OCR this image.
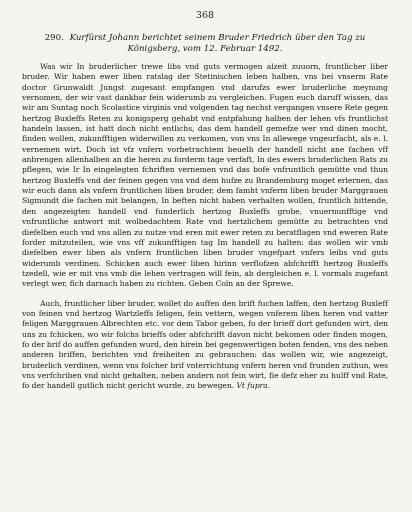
368
290. Kurfürst Johann berichtet seinem Bruder Friedrich über den Tag zu Königsberg, vom 12. Februar 1492.

Was wir In bruderlicher trewe libs vnd guts vermogen alzeit zuuorn, fruntlicher liber bruder. Wir haben ewer liben ratslag der Stetinischen leben halben, vns bei vnserm Rate doctor Grunwaldt Jungst zugesant empfangen vnd darufzs ewer bruderliche meynung vernomen, der wir vast dankbar fein widerumb zu vergleichen. Fugen euch daruff wissen, das wir am Suntag noch Scolastice virginis vnd volgenden tag nechst vergangen vnsere Rete gegen hertzog Buxleffs Reten zu konigsperg gehabt vnd entpfahung halben der lehen vfs fruntlichst handeln lassen, ist hatt doch nicht entlichs, das dem handell gemefze wer vnd dinen mocht, finden wollen, zukunfftigen widerwillen zu verkomen, von vns In allewege vngeurfacht, als e. l. vernemen wirt. Doch ist vfz vnfern vorbetrachtem beuelh der handell nicht ane fachen vff anbrengen allenhalben an die heren zu forderm tage verfaft, In des ewers bruderlichen Rats zu pflegen, wie Ir In eingelegten fchriften vernemen vnd das bofe vnfruntlich gemütte vnd thun hertzog Buxleffs vnd der feinen gegen vns vnd dem hufze zu Brandemburg moget erlernen, das wir euch dann als vnfern fruntlichen liben bruder, dem famht vnferm liben bruder Marggrauen Sigmundt die fachen mit belangen, In beften nicht haben verhalten wollen, fruntlich bittende, den angezeigten handell vnd funderlich hertzog Buxleffs grobe, vnuernunfftige vnd vnfruntliche antwort mit wolbedachtem Rate vnd hertzlichem gemütte zu betrachten vnd diefelben euch vnd vns allen zu nutze vnd eren mit ewer reten zu beratflagen vnd eweren Rate forder mitzuteilen, wie vns vff zukunfftigen tag Im handell zu halten: das wollen wir vmb diefelben ewer liben als vnfern fruntlichen liben bruder vngefpart vnfers leibs vnd guts widerumb verdinen. Schicken auch ewer liben hirinn verflofzen abfchrifft hertzog Buxleffs tzedell, wie er mit vns vmb die lehen vertragen will fein, ab dergleichen e. l. vormals zugefant verlegt wer, fich darnach haben zu richten. Geben Coln an der Sprewe.

Auch, fruntlicher liber bruder, wollet do auffen den brift fuchen laffen, den hertzog Buxleff von feinen vnd hertzog Wartzleffs feligen, fein vettern, wegen vnferem liben heren vnd vatter feligen Marggrauen Albrechten etc. vor dem Tabor geben, fo der brieff dort gefunden wirt, den uns zu fchicken, wo wir folchs brieffs oder abfchrifft davon nicht bekomen oder finden mogen, fo der brif do auffen gefunden wurd, den hirein bei gegenwertigen boten fenden, vns des neben anderen briffen, berichten vnd freiheiten zu gebrauchen: das wollen wir, wie angezeigt, bruderlich verdinen, wenn vns folcher brif vnterrichtung vnfern heren vnd frunden zuthun, wes vns verfchriben vnd nicht gehalten, neben andern not fein wirt, fie defz eher zu hulff vnd Rate, fo der handell gutlich nicht gericht wurde, zu bewegen. Vt fupra.
